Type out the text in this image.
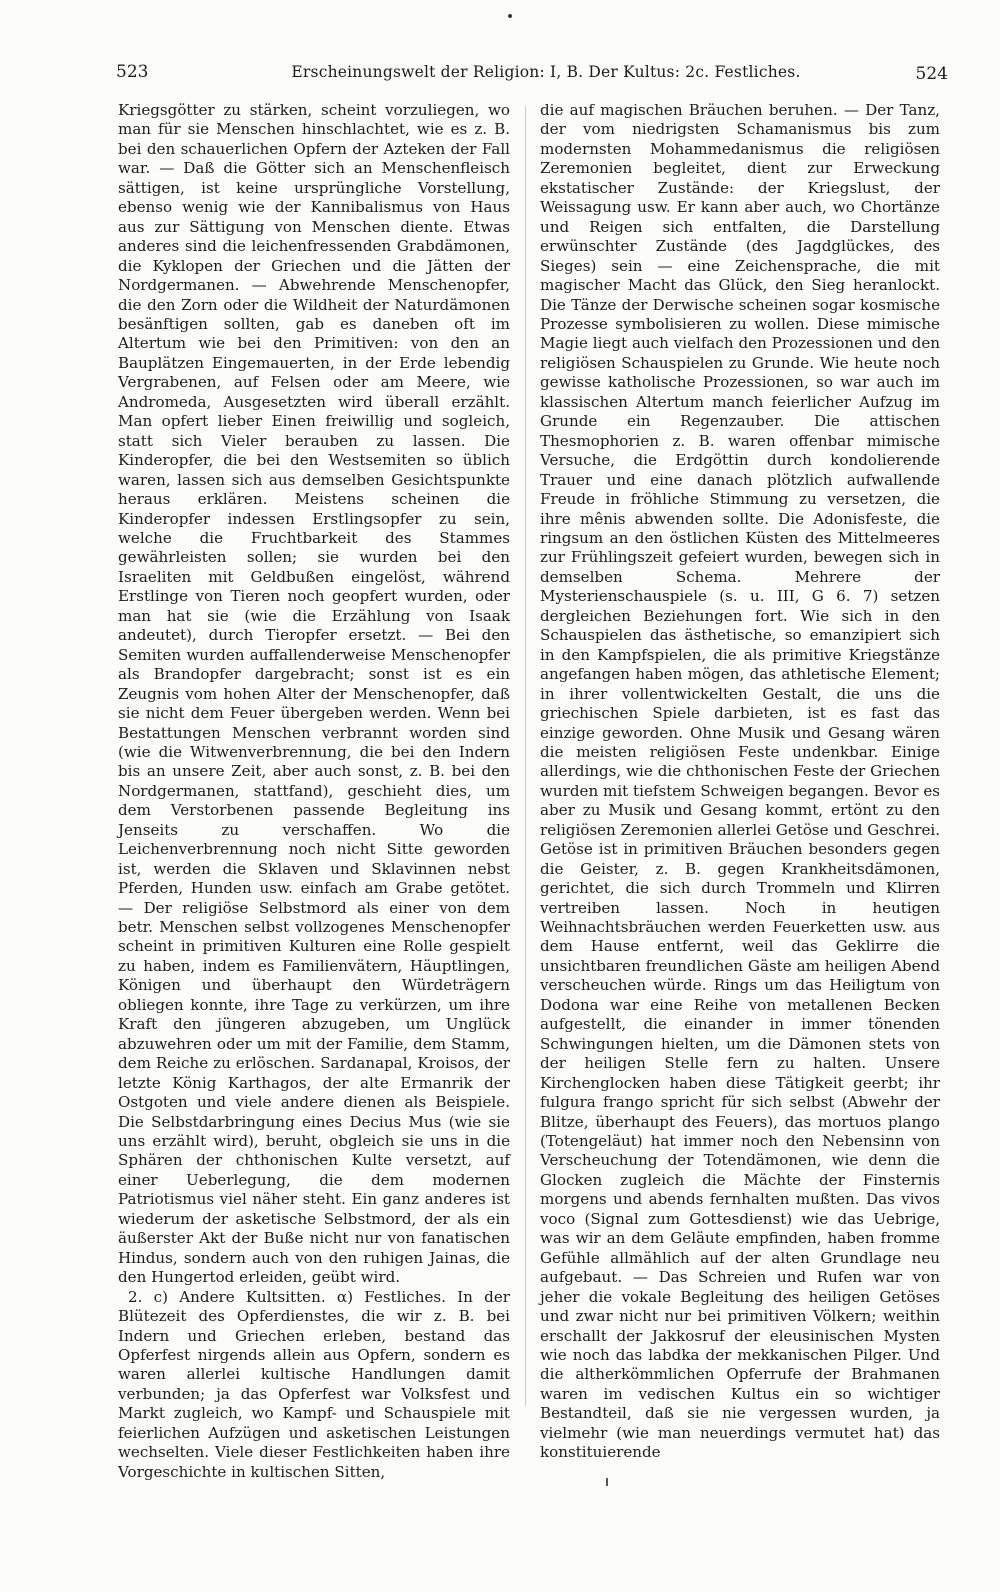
523	Erscheinungswelt der Religion: I, B. Der Kultus: 2c. Festliches.	524

Kriegsgötter zu stärken, scheint vorzuliegen, wo man für sie Menschen hinschlachtet, wie es z. B. bei den schauerlichen Opfern der Azteken der Fall war. — Daß die Götter sich an Menschenfleisch sättigen, ist keine ursprüngliche Vorstellung, ebenso wenig wie der Kannibalismus von Haus aus zur Sättigung von Menschen diente. Etwas anderes sind die leichenfressenden Grabdämonen, die Kyklopen der Griechen und die Jätten der Nordgermanen. — Abwehrende Menschenopfer, die den Zorn oder die Wildheit der Naturdämonen besänftigen sollten, gab es daneben oft im Altertum wie bei den Primitiven: von den an Bauplätzen Eingemauerten, in der Erde lebendig Vergrabenen, auf Felsen oder am Meere, wie Andromeda, Ausgesetzten wird überall erzählt. Man opfert lieber Einen freiwillig und sogleich, statt sich Vieler berauben zu lassen. Die Kinderopfer, die bei den Westsemiten so üblich waren, lassen sich aus demselben Gesichtspunkte heraus erklären. Meistens scheinen die Kinderopfer indessen Erstlingsopfer zu sein, welche die Fruchtbarkeit des Stammes gewährleisten sollen; sie wurden bei den Israeliten mit Geldbußen eingelöst, während Erstlinge von Tieren noch geopfert wurden, oder man hat sie (wie die Erzählung von Isaak andeutet), durch Tieropfer ersetzt. — Bei den Semiten wurden auffallenderweise Menschenopfer als Brandopfer dargebracht; sonst ist es ein Zeugnis vom hohen Alter der Menschenopfer, daß sie nicht dem Feuer übergeben werden. Wenn bei Bestattungen Menschen verbrannt worden sind (wie die Witwenverbrennung, die bei den Indern bis an unsere Zeit, aber auch sonst, z. B. bei den Nordgermanen, stattfand), geschieht dies, um dem Verstorbenen passende Begleitung ins Jenseits zu verschaffen. Wo die Leichenverbrennung noch nicht Sitte geworden ist, werden die Sklaven und Sklavinnen nebst Pferden, Hunden usw. einfach am Grabe getötet. — Der religiöse Selbstmord als einer von dem betr. Menschen selbst vollzogenes Menschenopfer scheint in primitiven Kulturen eine Rolle gespielt zu haben, indem es Familienvätern, Häuptlingen, Königen und überhaupt den Würdeträgern obliegen konnte, ihre Tage zu verkürzen, um ihre Kraft den jüngeren abzugeben, um Unglück abzuwehren oder um mit der Familie, dem Stamm, dem Reiche zu erlöschen. Sardanapal, Kroisos, der letzte König Karthagos, der alte Ermanrik der Ostgoten und viele andere dienen als Beispiele. Die Selbstdarbringung eines Decius Mus (wie sie uns erzählt wird), beruht, obgleich sie uns in die Sphären der chthonischen Kulte versetzt, auf einer Ueberlegung, die dem modernen Patriotismus viel näher steht. Ein ganz anderes ist wiederum der asketische Selbstmord, der als ein äußerster Akt der Buße nicht nur von fanatischen Hindus, sondern auch von den ruhigen Jainas, die den Hungertod erleiden, geübt wird.

2. c) Andere Kultsitten. α) Festliches. In der Blütezeit des Opferdienstes, die wir z. B. bei Indern und Griechen erleben, bestand das Opferfest nirgends allein aus Opfern, sondern es waren allerlei kultische Handlungen damit verbunden; ja das Opferfest war Volksfest und Markt zugleich, wo Kampf- und Schauspiele mit feierlichen Aufzügen und asketischen Leistungen wechselten. Viele dieser Festlichkeiten haben ihre Vorgeschichte in kultischen Sitten,

die auf magischen Bräuchen beruhen. — Der Tanz, der vom niedrigsten Schamanismus bis zum modernsten Mohammedanismus die religiösen Zeremonien begleitet, dient zur Erweckung ekstatischer Zustände: der Kriegslust, der Weissagung usw. Er kann aber auch, wo Chortänze und Reigen sich entfalten, die Darstellung erwünschter Zustände (des Jagdglückes, des Sieges) sein — eine Zeichensprache, die mit magischer Macht das Glück, den Sieg heranlockt. Die Tänze der Derwische scheinen sogar kosmische Prozesse symbolisieren zu wollen. Diese mimische Magie liegt auch vielfach den Prozessionen und den religiösen Schauspielen zu Grunde. Wie heute noch gewisse katholische Prozessionen, so war auch im klassischen Altertum manch feierlicher Aufzug im Grunde ein Regenzauber. Die attischen Thesmophorien z. B. waren offenbar mimische Versuche, die Erdgöttin durch kondolierende Trauer und eine danach plötzlich aufwallende Freude in fröhliche Stimmung zu versetzen, die ihre mênis abwenden sollte. Die Adonisfeste, die ringsum an den östlichen Küsten des Mittelmeeres zur Frühlingszeit gefeiert wurden, bewegen sich in demselben Schema. Mehrere der Mysterienschauspiele (s. u. III, G 6. 7) setzen dergleichen Beziehungen fort. Wie sich in den Schauspielen das ästhetische, so emanzipiert sich in den Kampfspielen, die als primitive Kriegstänze angefangen haben mögen, das athletische Element; in ihrer vollentwickelten Gestalt, die uns die griechischen Spiele darbieten, ist es fast das einzige geworden. Ohne Musik und Gesang wären die meisten religiösen Feste undenkbar. Einige allerdings, wie die chthonischen Feste der Griechen wurden mit tiefstem Schweigen begangen. Bevor es aber zu Musik und Gesang kommt, ertönt zu den religiösen Zeremonien allerlei Getöse und Geschrei. Getöse ist in primitiven Bräuchen besonders gegen die Geister, z. B. gegen Krankheitsdämonen, gerichtet, die sich durch Trommeln und Klirren vertreiben lassen. Noch in heutigen Weihnachtsbräuchen werden Feuerketten usw. aus dem Hause entfernt, weil das Geklirre die unsichtbaren freundlichen Gäste am heiligen Abend verscheuchen würde. Rings um das Heiligtum von Dodona war eine Reihe von metallenen Becken aufgestellt, die einander in immer tönenden Schwingungen hielten, um die Dämonen stets von der heiligen Stelle fern zu halten. Unsere Kirchenglocken haben diese Tätigkeit geerbt; ihr fulgura frango spricht für sich selbst (Abwehr der Blitze, überhaupt des Feuers), das mortuos plango (Totengeläut) hat immer noch den Nebensinn von Verscheuchung der Totendämonen, wie denn die Glocken zugleich die Mächte der Finsternis morgens und abends fernhalten mußten. Das vivos voco (Signal zum Gottesdienst) wie das Uebrige, was wir an dem Geläute empfinden, haben fromme Gefühle allmählich auf der alten Grundlage neu aufgebaut. — Das Schreien und Rufen war von jeher die vokale Begleitung des heiligen Getöses und zwar nicht nur bei primitiven Völkern; weithin erschallt der Jakkosruf der eleusinischen Mysten wie noch das labdka der mekkanischen Pilger. Und die altherkömmlichen Opferrufe der Brahmanen waren im vedischen Kultus ein so wichtiger Bestandteil, daß sie nie vergessen wurden, ja vielmehr (wie man neuerdings vermutet hat) das konstituierende
